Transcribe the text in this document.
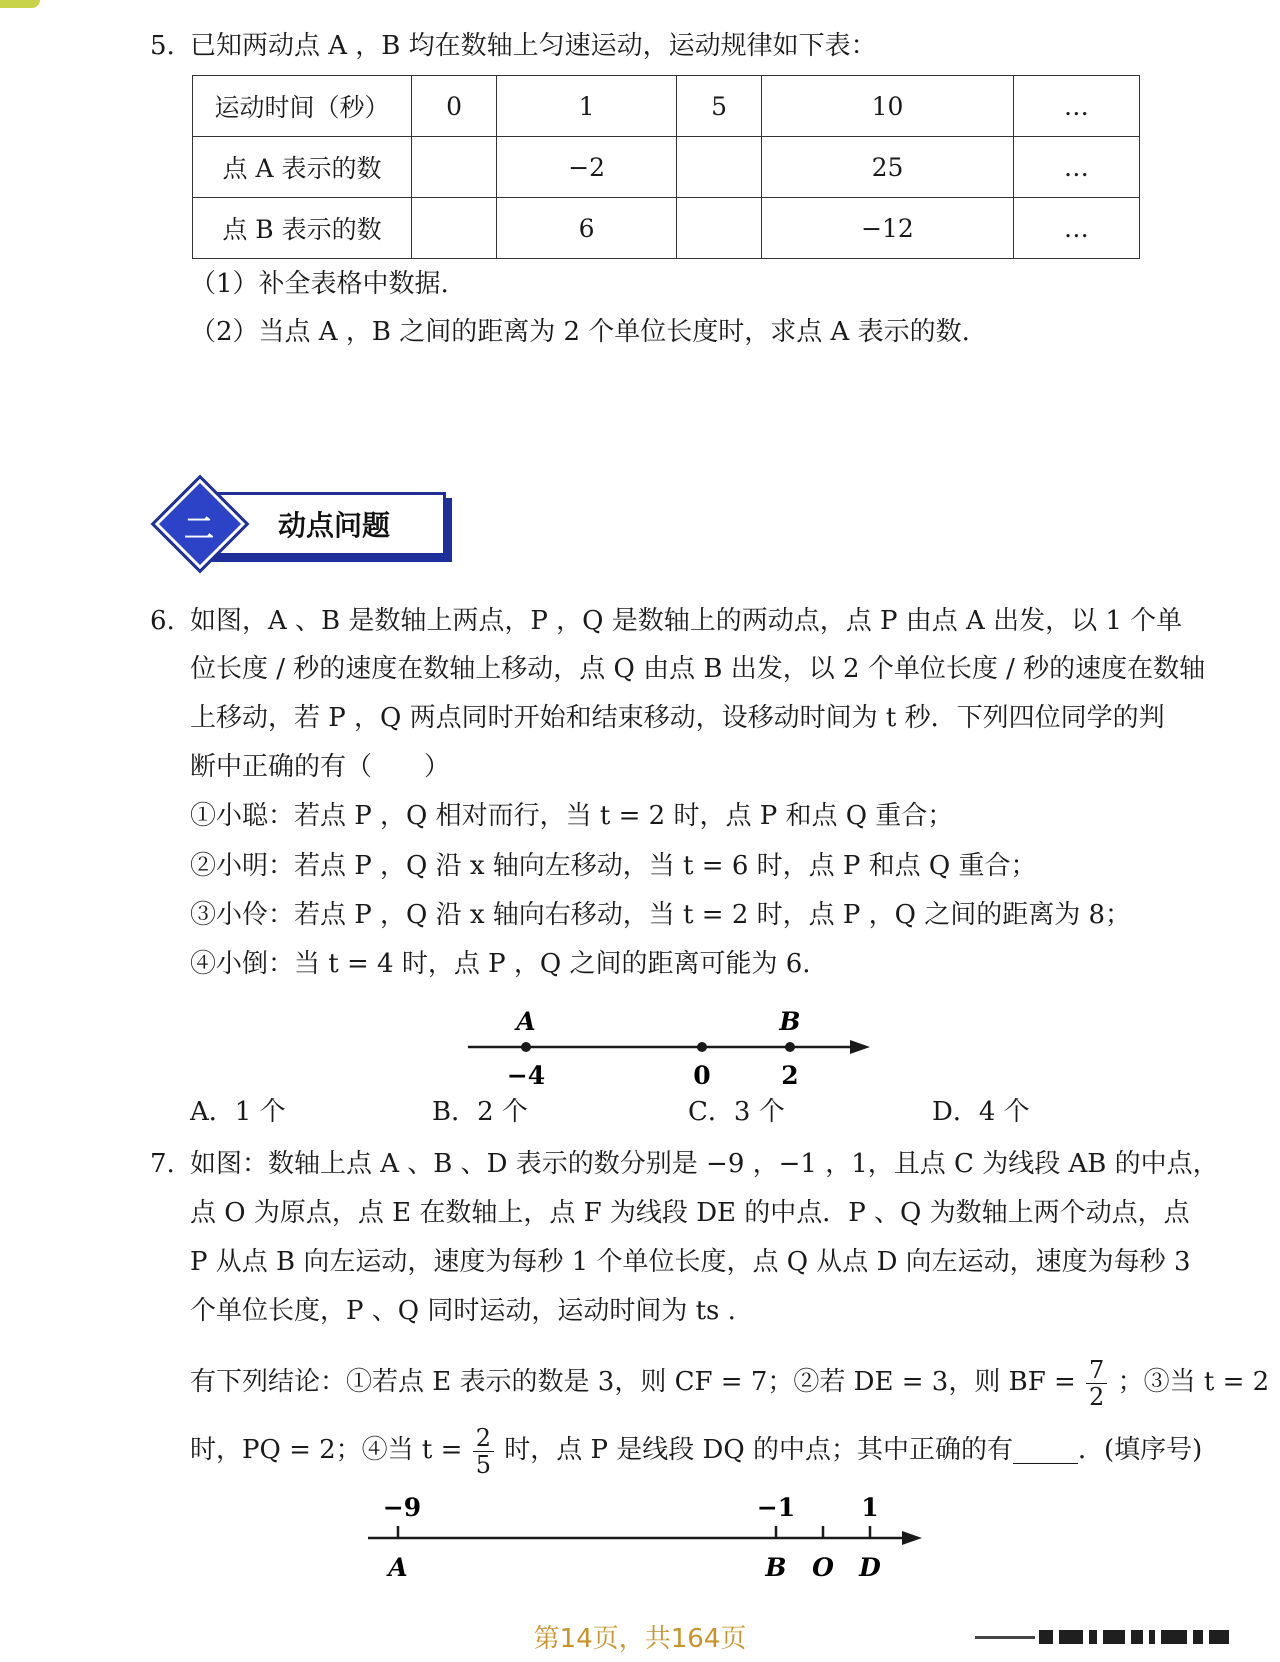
5. 已知两动点 A ，B 均在数轴上匀速运动，运动规律如下表：
运动时间（秒）	0	1	5	10	…
点 A 表示的数		−2		25	…
点 B 表示的数		6		−12	…
（1）补全表格中数据.
（2）当点 A ，B 之间的距离为 2 个单位长度时，求点 A 表示的数.
二	动点问题
6. 如图，A 、B 是数轴上两点，P ，Q 是数轴上的两动点，点 P 由点 A 出发，以 1 个单
位长度 / 秒的速度在数轴上移动，点 Q 由点 B 出发，以 2 个单位长度 / 秒的速度在数轴
上移动，若 P ，Q 两点同时开始和结束移动，设移动时间为 t 秒．下列四位同学的判
断中正确的有（　　）
①小聪：若点 P ，Q 相对而行，当 t = 2 时，点 P 和点 Q 重合；
②小明：若点 P ，Q 沿 x 轴向左移动，当 t = 6 时，点 P 和点 Q 重合；
③小伶：若点 P ，Q 沿 x 轴向右移动，当 t = 2 时，点 P ，Q 之间的距离为 8；
④小倒：当 t = 4 时，点 P ，Q 之间的距离可能为 6.
A	B
−4	0	2
A．1 个	B．2 个	C．3 个	D．4 个
7. 如图：数轴上点 A 、B 、D 表示的数分别是 −9 ，−1 ，1，且点 C 为线段 AB 的中点，
点 O 为原点，点 E 在数轴上，点 F 为线段 DE 的中点．P 、Q 为数轴上两个动点，点
P 从点 B 向左运动，速度为每秒 1 个单位长度，点 Q 从点 D 向左运动，速度为每秒 3
个单位长度，P 、Q 同时运动，运动时间为 ts .
有下列结论：①若点 E 表示的数是 3，则 CF = 7；②若 DE = 3，则 BF = $\frac{7}{2}$ ；③当 t = 2
时，PQ = 2；④当 $t = \frac{2}{5}$ 时，点 P 是线段 DQ 的中点；其中正确的有_____．(填序号)
−9	−1	1
A	B O D
第14页，共164页
